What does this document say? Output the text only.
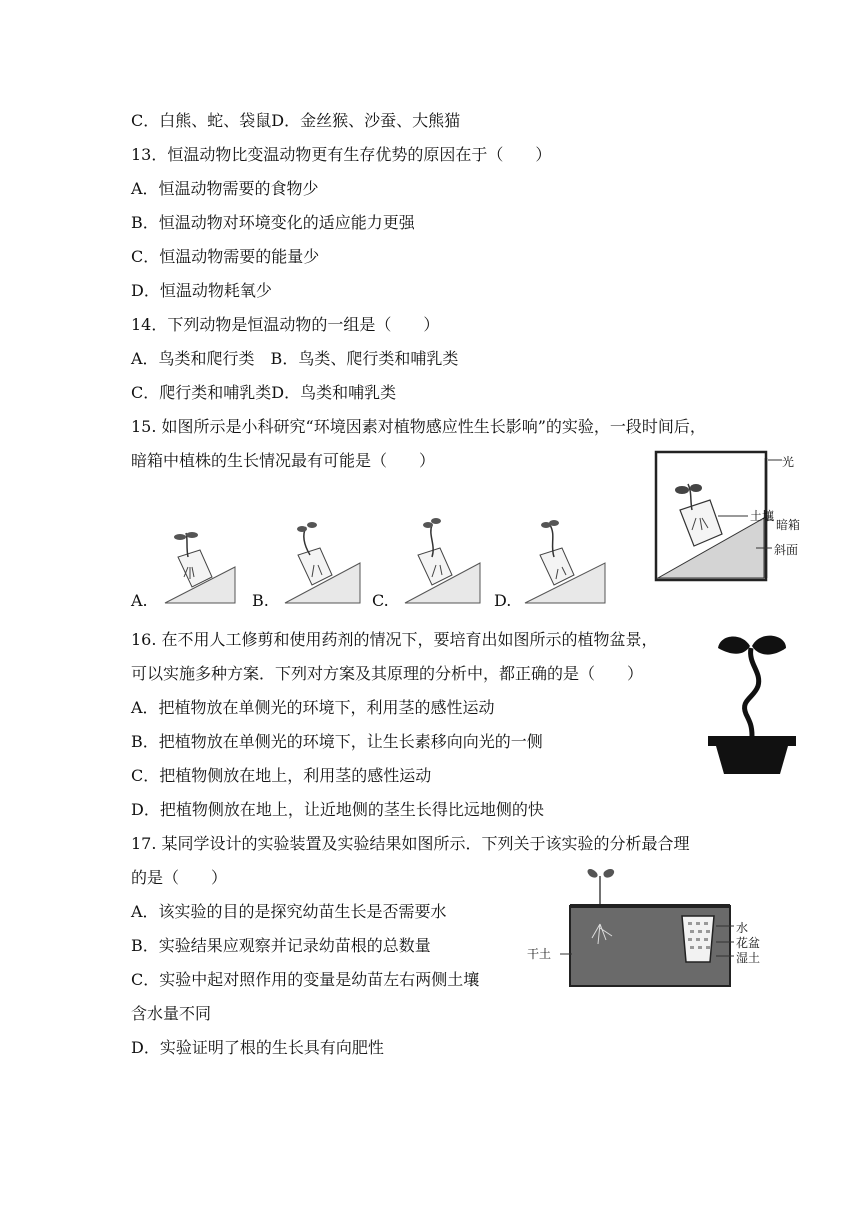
C．白熊、蛇、袋鼠D．金丝猴、沙蚕、大熊猫
13．恒温动物比变温动物更有生存优势的原因在于（　　）
A．恒温动物需要的食物少
B．恒温动物对环境变化的适应能力更强
C．恒温动物需要的能量少
D．恒温动物耗氧少
14．下列动物是恒温动物的一组是（　　）
A．鸟类和爬行类　B．鸟类、爬行类和哺乳类
C．爬行类和哺乳类D．鸟类和哺乳类
15. 如图所示是小科研究“环境因素对植物感应性生长影响”的实验，一段时间后，
暗箱中植株的生长情况最有可能是（　　）
A.	B.	C.	D.
光
土壤
暗箱
斜面
16. 在不用人工修剪和使用药剂的情况下，要培育出如图所示的植物盆景，
可以实施多种方案．下列对方案及其原理的分析中，都正确的是（　　）
A．把植物放在单侧光的环境下，利用茎的感性运动
B．把植物放在单侧光的环境下，让生长素移向向光的一侧
C．把植物侧放在地上，利用茎的感性运动
D．把植物侧放在地上，让近地侧的茎生长得比远地侧的快
17. 某同学设计的实验装置及实验结果如图所示．下列关于该实验的分析最合理
的是（　　）
A．该实验的目的是探究幼苗生长是否需要水
B．实验结果应观察并记录幼苗根的总数量
C．实验中起对照作用的变量是幼苗左右两侧土壤
含水量不同
D．实验证明了根的生长具有向肥性
水
花盆
湿土
干土
